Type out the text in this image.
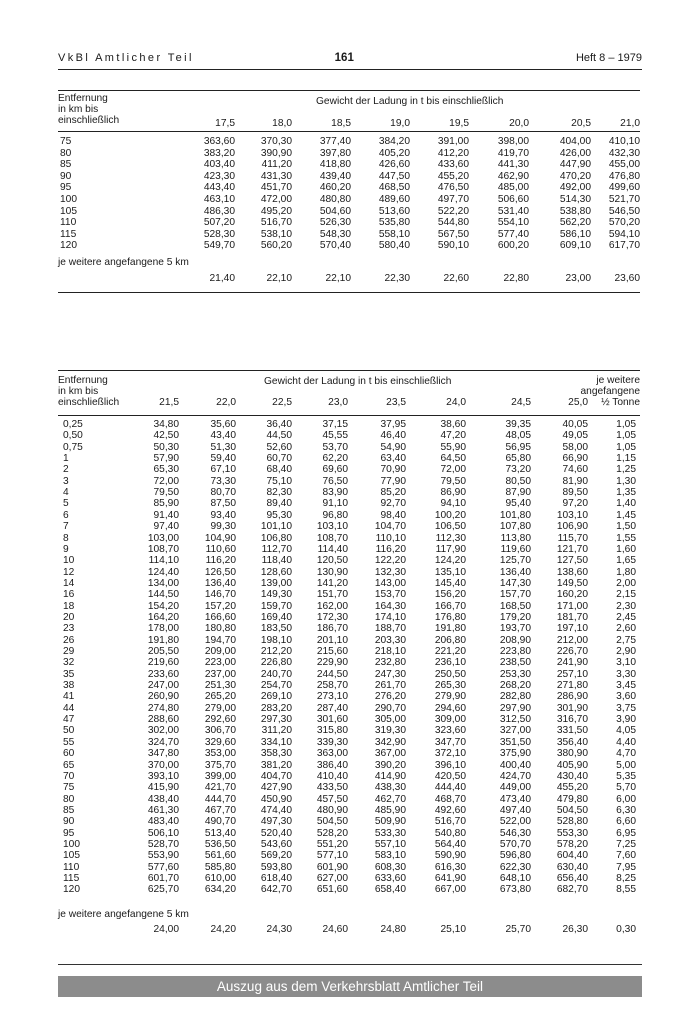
VkBl Amtlicher Teil	161	Heft 8 – 1979
Entfernung
in km bis
einschließlich
Gewicht der Ladung in t bis einschließlich
17,5	18,0	18,5	19,0	19,5	20,0	20,5	21,0
75	363,60	370,30	377,40	384,20	391,00	398,00	404,00 410,10
80	383,20	390,90	397,80	405,20	412,20	419,70	426,00 432,30
85	403,40	411,20	418,80	426,60	433,60	441,30	447,90 455,00
90	423,30	431,30	439,40	447,50	455,20	462,90	470,20 476,80
95	443,40	451,70	460,20	468,50	476,50	485,00	492,00 499,60
100	463,10	472,00	480,80	489,60	497,70	506,60	514,30 521,70
105	486,30	495,20	504,60	513,60	522,20	531,40	538,80 546,50
110	507,20	516,70	526,30	535,80	544,80	554,10	562,20 570,20
115	528,30	538,10	548,30	558,10	567,50	577,40	586,10 594,10
120	549,70	560,20	570,40	580,40	590,10	600,20	609,10 617,70
je weitere angefangene 5 km
21,40	22,10	22,10	22,30	22,60	22,80	23,00 23,60
Entfernung
in km bis
einschließlich
Gewicht der Ladung in t bis einschließlich	je weitere
angefangene
½ Tonne
21,5	22,0	22,5	23,0	23,5	24,0	24,5	25,0
0,25	34,80	35,60	36,40	37,15	37,95	38,60	39,35	40,05	1,05
0,50	42,50	43,40	44,50	45,55	46,40	47,20	48,05	49,05	1,05
0,75	50,30	51,30	52,60	53,70	54,90	55,90	56,95	58,00	1,05
1	57,90	59,40	60,70	62,20	63,40	64,50	65,80	66,90	1,15
2	65,30	67,10	68,40	69,60	70,90	72,00	73,20	74,60	1,25
3	72,00	73,30	75,10	76,50	77,90	79,50	80,50	81,90	1,30
4	79,50	80,70	82,30	83,90	85,20	86,90	87,90	89,50	1,35
5	85,90	87,50	89,40	91,10	92,70	94,10	95,40	97,20	1,40
6	91,40	93,40	95,30	96,80	98,40	100,20	101,80	103,10	1,45
7	97,40	99,30 101,10 103,10	104,70	106,50	107,80	106,90	1,50
8	103,00	104,90 106,80 108,70	110,10	112,30	113,80	115,70	1,55
9	108,70	110,60	112,70	114,40	116,20	117,90	119,60	121,70	1,60
10	114,10	116,20	118,40 120,50	122,20	124,20	125,70	127,50	1,65
12	124,40	126,50 128,60 130,90	132,30	135,10	136,40	138,60	1,80
14	134,00	136,40 139,00 141,20	143,00	145,40	147,30	149,50	2,00
16	144,50	146,70 149,30 151,70	153,70	156,20	157,70	160,20	2,15
18	154,20	157,20 159,70 162,00	164,30	166,70	168,50	171,00	2,30
20	164,20	166,60 169,40 172,30	174,10	176,80	179,20	181,70	2,45
23	178,00	180,80 183,50 186,70	188,70	191,80	193,70	197,10	2,60
26	191,80	194,70 198,10 201,10	203,30	206,80	208,90	212,00	2,75
29	205,50	209,00 212,20 215,60	218,10	221,20	223,80	226,70	2,90
32	219,60	223,00 226,80 229,90	232,80	236,10	238,50	241,90	3,10
35	233,60	237,00 240,70 244,50	247,30	250,50	253,30	257,10	3,30
38	247,00	251,30 254,70 258,70	261,70	265,30	268,20	271,80	3,45
41	260,90	265,20 269,10 273,10	276,20	279,90	282,80	286,90	3,60
44	274,80	279,00 283,20 287,40	290,70	294,60	297,90	301,90	3,75
47	288,60	292,60 297,30 301,60	305,00	309,00	312,50	316,70	3,90
50	302,00	306,70	311,20 315,80	319,30	323,60	327,00	331,50	4,05
55	324,70	329,60 334,10 339,30	342,90	347,70	351,50	356,40	4,40
60	347,80	353,00 358,30 363,00	367,00	372,10	375,90	380,90	4,70
65	370,00	375,70 381,20 386,40	390,20	396,10	400,40	405,90	5,00
70	393,10	399,00 404,70 410,40	414,90	420,50	424,70	430,40	5,35
75	415,90	421,70 427,90 433,50	438,30	444,40	449,00	455,20	5,70
80	438,40	444,70 450,90 457,50	462,70	468,70	473,40	479,80	6,00
85	461,30	467,70 474,40 480,90	485,90	492,60	497,40	504,50	6,30
90	483,40	490,70 497,30 504,50	509,90	516,70	522,00	528,80	6,60
95	506,10	513,40 520,40 528,20	533,30	540,80	546,30	553,30	6,95
100	528,70	536,50 543,60 551,20	557,10	564,40	570,70	578,20	7,25
105	553,90	561,60 569,20 577,10	583,10	590,90	596,80	604,40	7,60
110	577,60	585,80 593,80 601,90	608,30	616,30	622,30	630,40	7,95
115	601,70	610,00 618,40 627,00	633,60	641,90	648,10	656,40	8,25
120	625,70	634,20 642,70 651,60	658,40	667,00	673,80	682,70	8,55
je weitere angefangene 5 km
24,00	24,20	24,30	24,60	24,80	25,10	25,70	26,30	0,30
Auszug aus dem Verkehrsblatt Amtlicher Teil
